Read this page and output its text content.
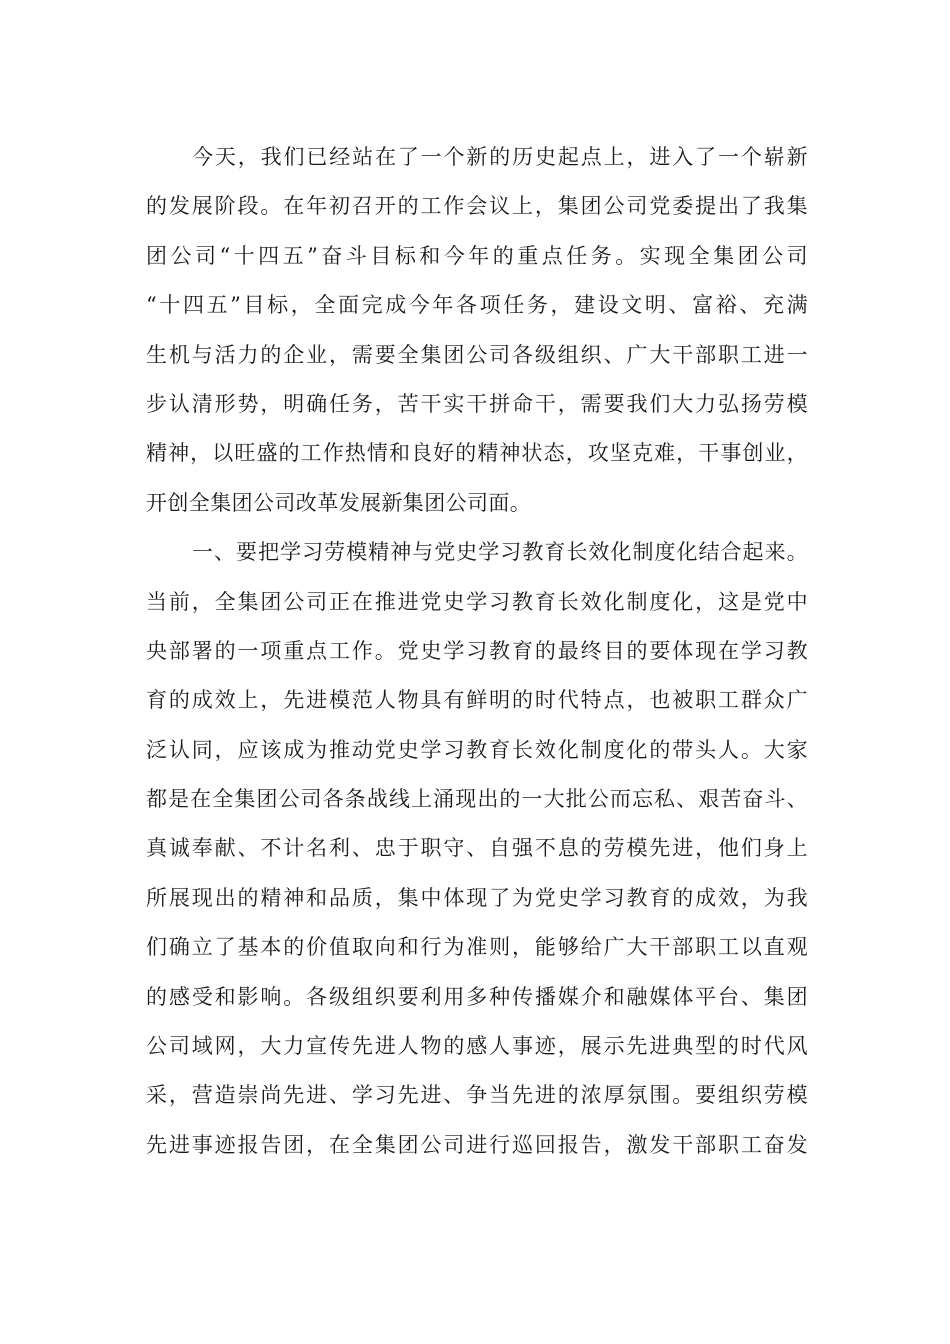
今天，我们已经站在了一个新的历史起点上，进入了一个崭新
的发展阶段。在年初召开的工作会议上，集团公司党委提出了我集
团公司“十四五”奋斗目标和今年的重点任务。实现全集团公司
“十四五”目标，全面完成今年各项任务，建设文明、富裕、充满
生机与活力的企业，需要全集团公司各级组织、广大干部职工进一
步认清形势，明确任务，苦干实干拼命干，需要我们大力弘扬劳模
精神，以旺盛的工作热情和良好的精神状态，攻坚克难，干事创业，
开创全集团公司改革发展新集团公司面。
一、要把学习劳模精神与党史学习教育长效化制度化结合起来。
当前，全集团公司正在推进党史学习教育长效化制度化，这是党中
央部署的一项重点工作。党史学习教育的最终目的要体现在学习教
育的成效上，先进模范人物具有鲜明的时代特点，也被职工群众广
泛认同，应该成为推动党史学习教育长效化制度化的带头人。大家
都是在全集团公司各条战线上涌现出的一大批公而忘私、艰苦奋斗、
真诚奉献、不计名利、忠于职守、自强不息的劳模先进，他们身上
所展现出的精神和品质，集中体现了为党史学习教育的成效，为我
们确立了基本的价值取向和行为准则，能够给广大干部职工以直观
的感受和影响。各级组织要利用多种传播媒介和融媒体平台、集团
公司域网，大力宣传先进人物的感人事迹，展示先进典型的时代风
采，营造崇尚先进、学习先进、争当先进的浓厚氛围。要组织劳模
先进事迹报告团，在全集团公司进行巡回报告，激发干部职工奋发
